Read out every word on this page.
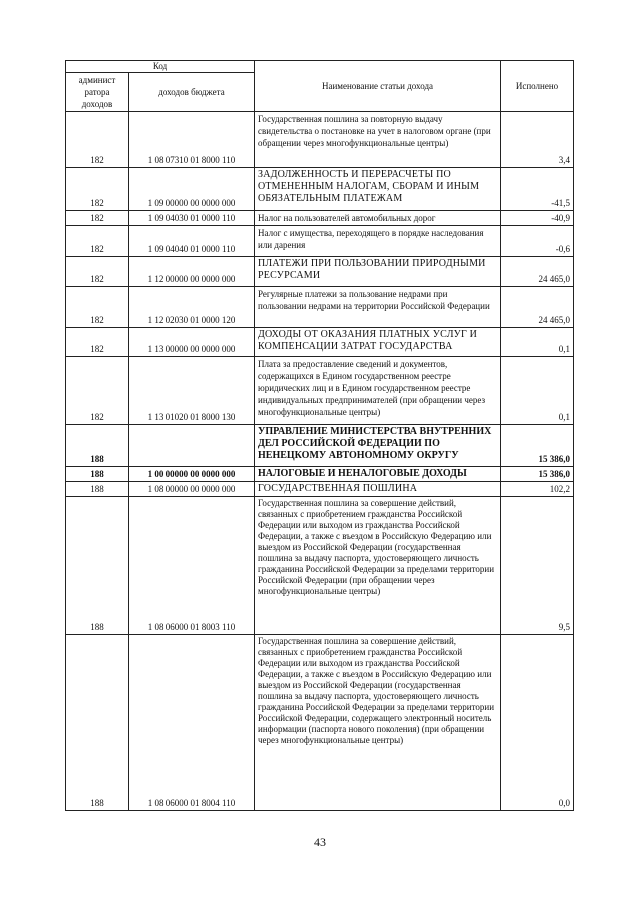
Код		Наименование статьи дохода	Исполнено
админист ратора доходов	доходов бюджета		
182	1 08 07310 01 8000 110	Государственная пошлина за повторную выдачу свидетельства о постановке на учет в налоговом органе (при обращении через многофункциональные центры)	3,4
182	1 09 00000 00 0000 000	ЗАДОЛЖЕННОСТЬ И ПЕРЕРАСЧЕТЫ ПО ОТМЕНЕННЫМ НАЛОГАМ, СБОРАМ И ИНЫМ ОБЯЗАТЕЛЬНЫМ ПЛАТЕЖАМ	-41,5
182	1 09 04030 01 0000 110	Налог на пользователей автомобильных дорог	-40,9
182	1 09 04040 01 0000 110	Налог с имущества, переходящего в порядке наследования или дарения	-0,6
182	1 12 00000 00 0000 000	ПЛАТЕЖИ ПРИ ПОЛЬЗОВАНИИ ПРИРОДНЫМИ РЕСУРСАМИ	24 465,0
182	1 12 02030 01 0000 120	Регулярные платежи за пользование недрами при пользовании недрами на территории Российской Федерации	24 465,0
182	1 13 00000 00 0000 000	ДОХОДЫ ОТ ОКАЗАНИЯ ПЛАТНЫХ УСЛУГ И КОМПЕНСАЦИИ ЗАТРАТ ГОСУДАРСТВА	0,1
182	1 13 01020 01 8000 130	Плата за предоставление сведений и документов, содержащихся в Едином государственном реестре юридических лиц и в Едином государственном реестре индивидуальных предпринимателей (при обращении через многофункциональные центры)	0,1
188		УПРАВЛЕНИЕ МИНИСТЕРСТВА ВНУТРЕННИХ ДЕЛ РОССИЙСКОЙ ФЕДЕРАЦИИ ПО НЕНЕЦКОМУ АВТОНОМНОМУ ОКРУГУ	15 386,0
188	1 00 00000 00 0000 000	НАЛОГОВЫЕ И НЕНАЛОГОВЫЕ ДОХОДЫ	15 386,0
188	1 08 00000 00 0000 000	ГОСУДАРСТВЕННАЯ ПОШЛИНА	102,2
188	1 08 06000 01 8003 110	Государственная пошлина за совершение действий, связанных с приобретением гражданства Российской Федерации или выходом из гражданства Российской Федерации, а также с въездом в Российскую Федерацию или выездом из Российской Федерации (государственная пошлина за выдачу паспорта, удостоверяющего личность гражданина Российской Федерации за пределами территории Российской Федерации (при обращении через многофункциональные центры)	9,5
188	1 08 06000 01 8004 110	Государственная пошлина за совершение действий, связанных с приобретением гражданства Российской Федерации или выходом из гражданства Российской Федерации, а также с въездом в Российскую Федерацию или выездом из Российской Федерации (государственная пошлина за выдачу паспорта, удостоверяющего личность гражданина Российской Федерации за пределами территории Российской Федерации, содержащего электронный носитель информации (паспорта нового поколения) (при обращении через многофункциональные центры)	0,0
43
